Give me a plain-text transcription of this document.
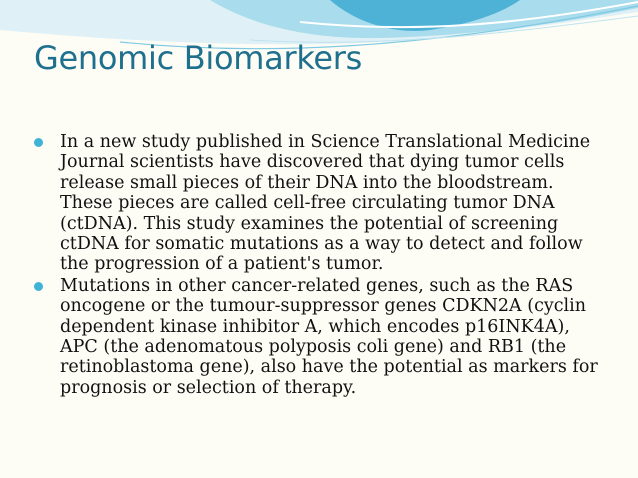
Genomic Biomarkers
In a new study published in Science Translational Medicine Journal scientists have discovered that dying tumor cells release small pieces of their DNA into the bloodstream. These pieces are called cell-free circulating tumor DNA (ctDNA). This study examines the potential of screening ctDNA for somatic mutations as a way to detect and follow the progression of a patient's tumor.
Mutations in other cancer-related genes, such as the RAS oncogene or the tumour-suppressor genes CDKN2A (cyclin dependent kinase inhibitor A, which encodes p16INK4A), APC (the adenomatous polyposis coli gene) and RB1 (the retinoblastoma gene), also have the potential as markers for prognosis or selection of therapy.
